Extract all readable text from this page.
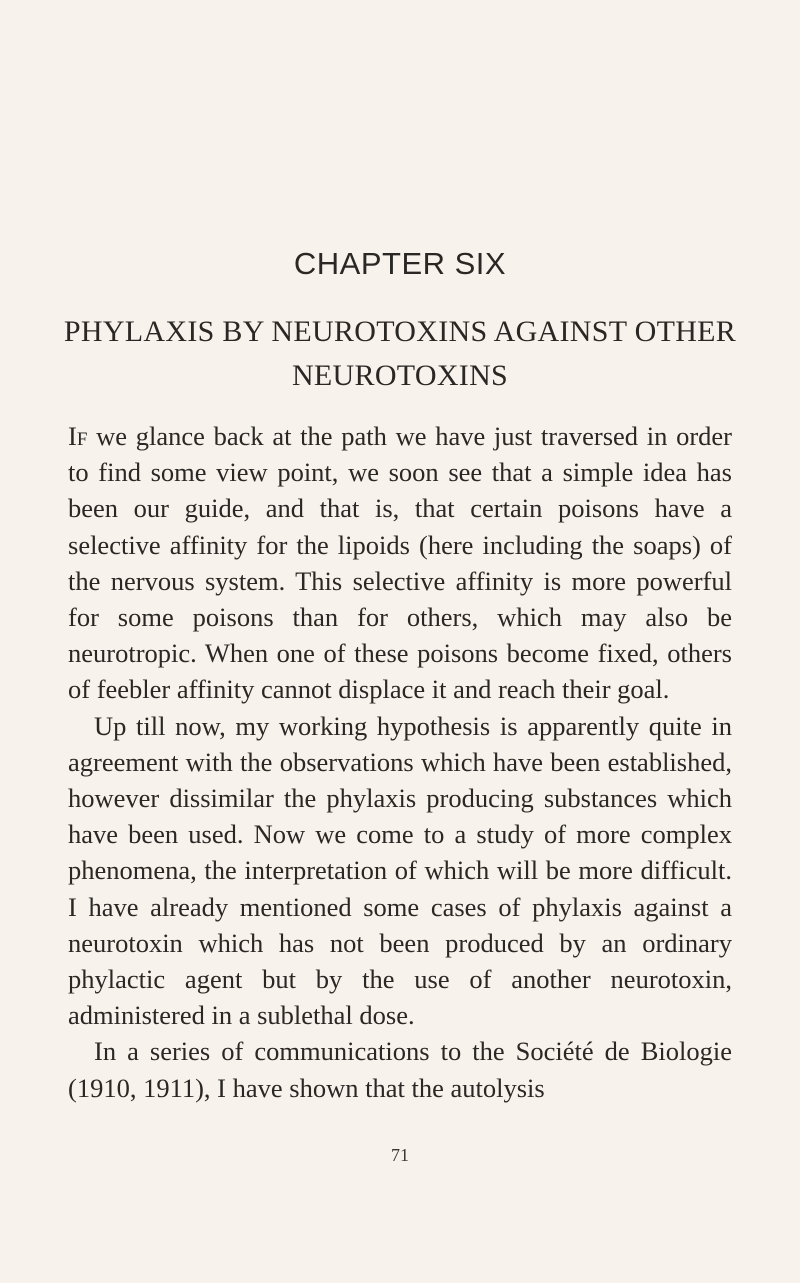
CHAPTER SIX
PHYLAXIS BY NEUROTOXINS AGAINST OTHER
NEUROTOXINS

If we glance back at the path we have just traversed in order to find some view point, we soon see that a simple idea has been our guide, and that is, that certain poisons have a selective affinity for the lipoids (here including the soaps) of the nervous system. This selective affinity is more powerful for some poisons than for others, which may also be neurotropic. When one of these poisons become fixed, others of feebler affinity cannot displace it and reach their goal.

Up till now, my working hypothesis is apparently quite in agreement with the observations which have been established, however dissimilar the phylaxis producing substances which have been used. Now we come to a study of more complex phenomena, the interpretation of which will be more difficult. I have already mentioned some cases of phylaxis against a neurotoxin which has not been produced by an ordinary phylactic agent but by the use of another neurotoxin, administered in a sublethal dose.

In a series of communications to the Société de Biologie (1910, 1911), I have shown that the autolysis

71
